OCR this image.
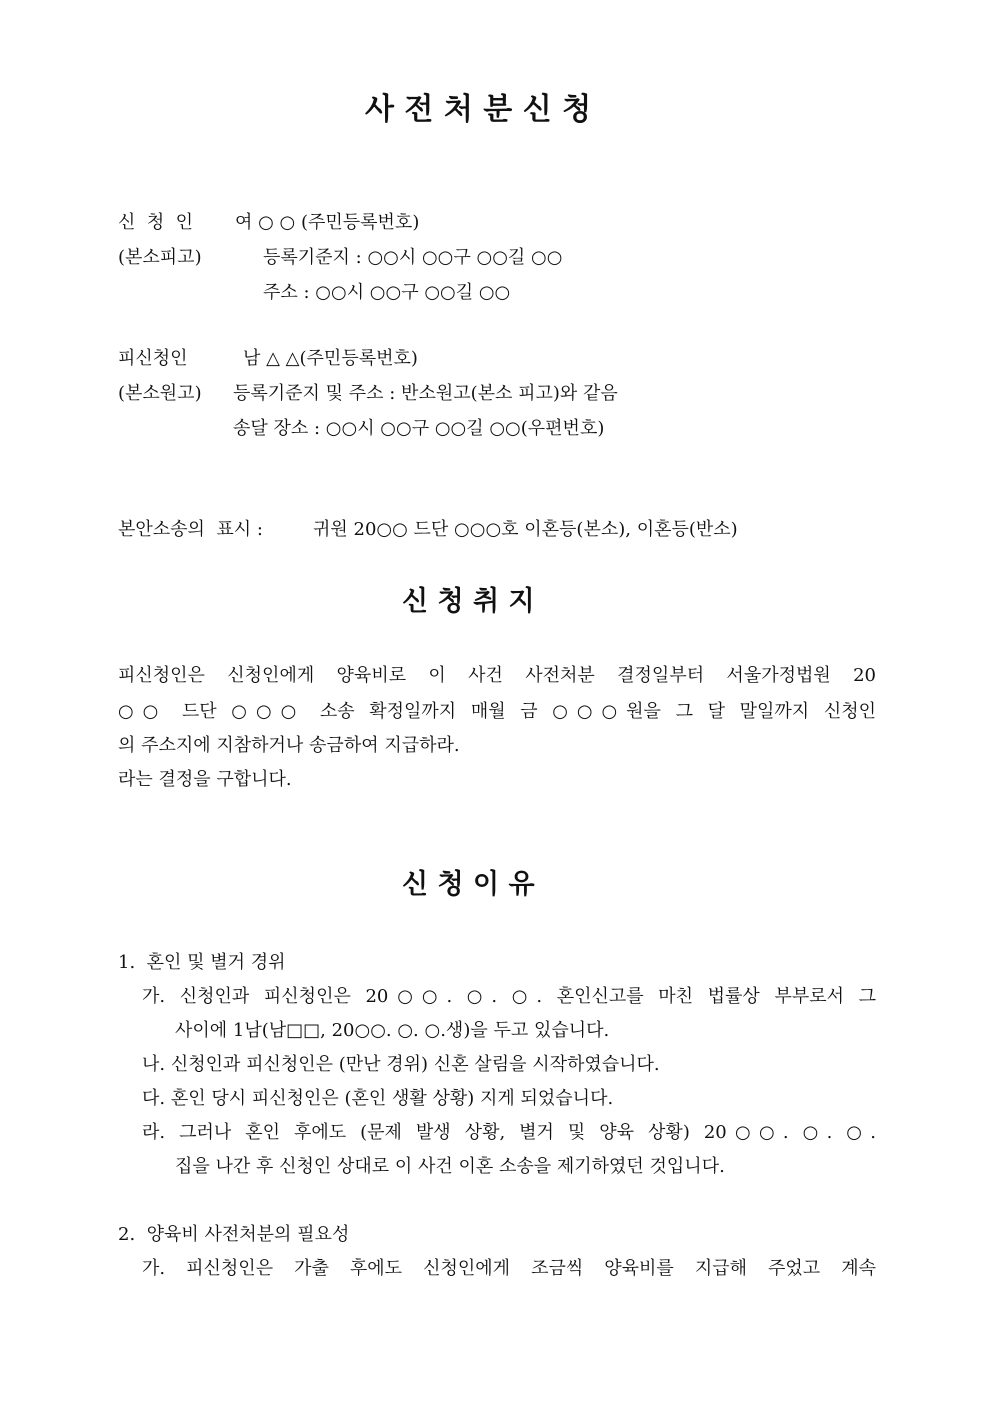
사 전 처 분 신 청
신  청  인 여 ○ ○ (주민등록번호)
(본소피고)	등록기준지 : ○○시 ○○구 ○○길 ○○
주소 : ○○시 ○○구 ○○길 ○○
피신청인	남 △ △(주민등록번호)
(본소원고) 등록기준지 및 주소 : 반소원고(본소 피고)와 같음
송달 장소 : ○○시 ○○구 ○○길 ○○(우편번호)
본안소송의  표시 :	귀원 20○○ 드단 ○○○호 이혼등(본소), 이혼등(반소)
신 청 취 지
피신청인은 신청인에게 양육비로 이 사건 사전처분 결정일부터 서울가정법원 20
○○ 드단 ○○○ 소송 확정일까지 매월 금 ○○○원을 그 달 말일까지 신청인
의 주소지에 지참하거나 송금하여 지급하라.
라는 결정을 구합니다.
신 청 이 유
1.  혼인 및 별거 경위
가. 신청인과 피신청인은 20○○. ○. ○. 혼인신고를 마친 법률상 부부로서 그
사이에 1남(남□□, 20○○. ○. ○.생)을 두고 있습니다.
나. 신청인과 피신청인은 (만난 경위) 신혼 살림을 시작하였습니다.
다. 혼인 당시 피신청인은 (혼인 생활 상황) 지게 되었습니다.
라. 그러나 혼인 후에도 (문제 발생 상황, 별거 및 양육 상황) 20○○. ○. ○.
집을 나간 후 신청인 상대로 이 사건 이혼 소송을 제기하였던 것입니다.
2.  양육비 사전처분의 필요성
가. 피신청인은 가출 후에도 신청인에게 조금씩 양육비를 지급해 주었고 계속
